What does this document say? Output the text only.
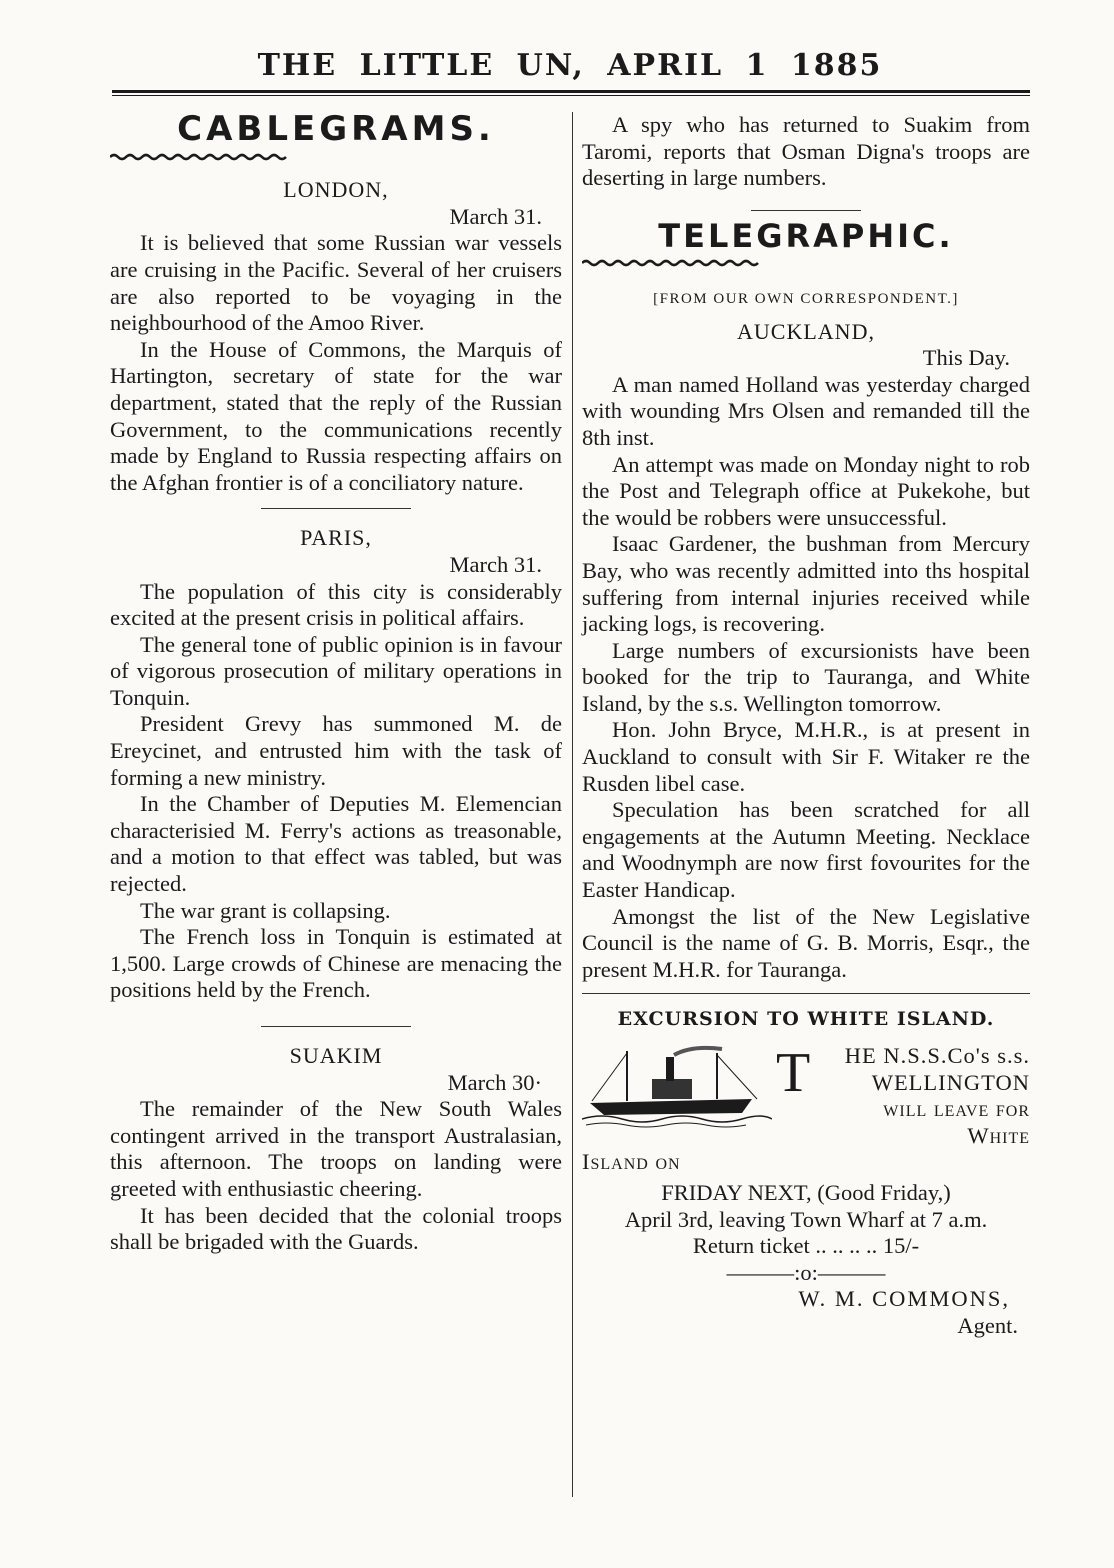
THE LITTLE UN, APRIL 1 1885
CABLEGRAMS.
LONDON,
March 31.

It is believed that some Russian war vessels are cruising in the Pacific. Several of her cruisers are also reported to be voyaging in the neighbourhood of the Amoo River.

In the House of Commons, the Marquis of Hartington, secretary of state for the war department, stated that the reply of the Russian Government, to the communications recently made by England to Russia respecting affairs on the Afghan frontier is of a conciliatory nature.

PARIS,
March 31.

The population of this city is considerably excited at the present crisis in political affairs.

The general tone of public opinion is in favour of vigorous prosecution of military operations in Tonquin.

President Grevy has summoned M. de Ereycinet, and entrusted him with the task of forming a new ministry.

In the Chamber of Deputies M. Elemencian characterisied M. Ferry's actions as treasonable, and a motion to that effect was tabled, but was rejected.

The war grant is collapsing.

The French loss in Tonquin is estimated at 1,500. Large crowds of Chinese are menacing the positions held by the French.

SUAKIM
March 30·

The remainder of the New South Wales contingent arrived in the transport Australasian, this afternoon. The troops on landing were greeted with enthusiastic cheering.

It has been decided that the colonial troops shall be brigaded with the Guards.

A spy who has returned to Suakim from Taromi, reports that Osman Digna's troops are deserting in large numbers.

TELEGRAPHIC.
[FROM OUR OWN CORRESPONDENT.]
AUCKLAND,
This Day.

A man named Holland was yesterday charged with wounding Mrs Olsen and remanded till the 8th inst.

An attempt was made on Monday night to rob the Post and Telegraph office at Pukekohe, but the would be robbers were unsuccessful.

Isaac Gardener, the bushman from Mercury Bay, who was recently admitted into ths hospital suffering from internal injuries received while jacking logs, is recovering.

Large numbers of excursionists have been booked for the trip to Tauranga, and White Island, by the s.s. Wellington tomorrow.

Hon. John Bryce, M.H.R., is at present in Auckland to consult with Sir F. Witaker re the Rusden libel case.

Speculation has been scratched for all engagements at the Autumn Meeting. Necklace and Woodnymph are now first fovourites for the Easter Handicap.

Amongst the list of the New Legislative Council is the name of G. B. Morris, Esqr., the present M.H.R. for Tauranga.

EXCURSION TO WHITE ISLAND.
T	HE N.S.S.Co's s.s.
WELLINGTON
will leave for White
Island on
FRIDAY NEXT, (Good Friday,)
April 3rd, leaving Town Wharf at 7 a.m.
Return ticket .. .. .. .. 15/-
———:o:———
W. M. COMMONS,
Agent.
